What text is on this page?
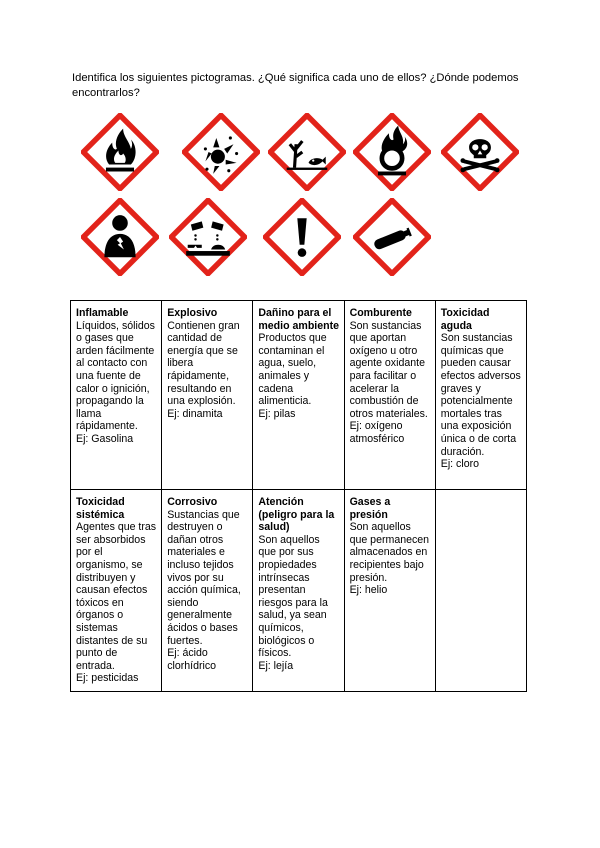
Identifica los siguientes pictogramas. ¿Qué significa cada uno de ellos? ¿Dónde podemos encontrarlos?
Inflamable
Líquidos, sólidos o gases que arden fácilmente al contacto con una fuente de calor o ignición, propagando la llama rápidamente.
Ej: Gasolina	Explosivo
Contienen gran cantidad de energía que se libera rápidamente, resultando en una explosión.
Ej: dinamita	Dañino para el medio ambiente
Productos que contaminan el agua, suelo, animales y cadena alimenticia.
Ej: pilas	Comburente
Son sustancias que aportan oxígeno u otro agente oxidante para facilitar o acelerar la combustión de otros materiales.
Ej: oxígeno atmosférico	Toxicidad aguda
Son sustancias químicas que pueden causar efectos adversos graves y potencialmente mortales tras una exposición única o de corta duración.
Ej: cloro

Toxicidad sistémica
Agentes que tras ser absorbidos por el organismo, se distribuyen y causan efectos tóxicos en órganos o sistemas distantes de su punto de entrada.
Ej: pesticidas	Corrosivo
Sustancias que destruyen o dañan otros materiales e incluso tejidos vivos por su acción química, siendo generalmente ácidos o bases fuertes.
Ej: ácido clorhídrico	Atención (peligro para la salud)
Son aquellos que por sus propiedades intrínsecas presentan riesgos para la salud, ya sean químicos, biológicos o físicos.
Ej: lejía	Gases a presión
Son aquellos que permanecen almacenados en recipientes bajo presión.
Ej: helio	
